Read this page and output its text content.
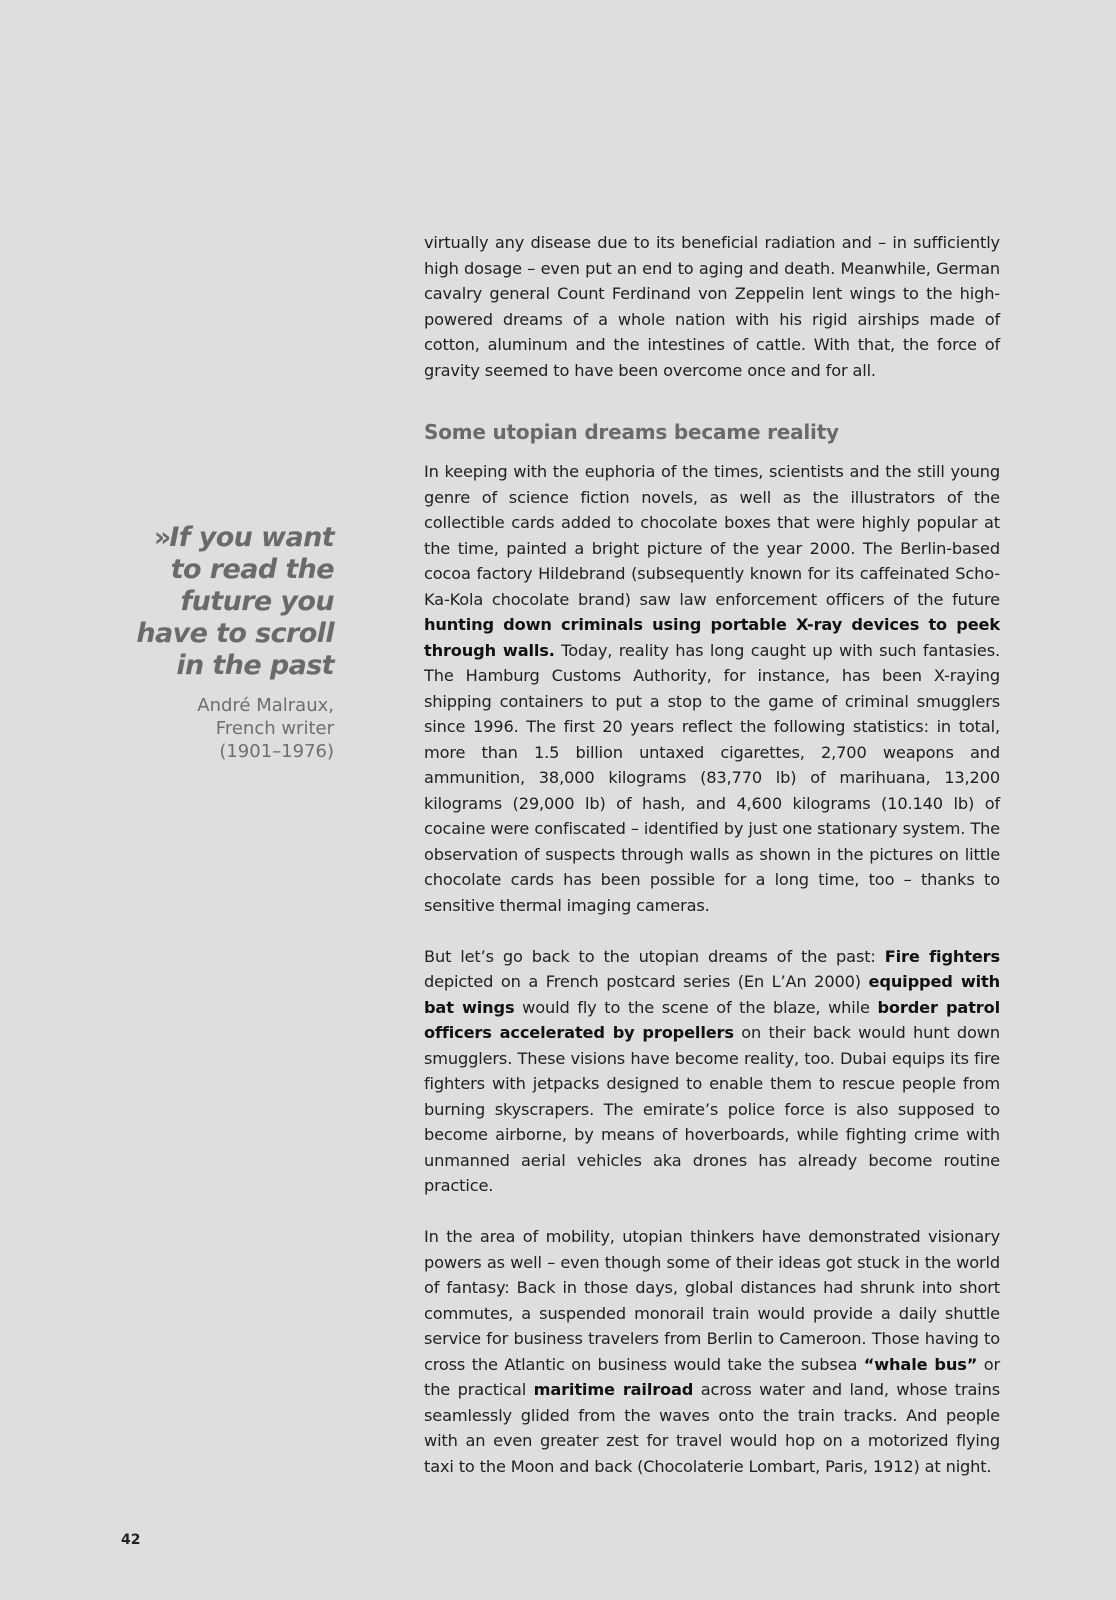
» If you want to read the future you have to scroll in the past

André Malraux,
French writer
(1901–1976)

virtually any disease due to its beneficial radiation and – in sufficiently high dosage – even put an end to aging and death. Meanwhile, German cavalry general Count Ferdinand von Zeppelin lent wings to the high-powered dreams of a whole nation with his rigid airships made of cotton, aluminum and the intestines of cattle. With that, the force of gravity seemed to have been overcome once and for all.

Some utopian dreams became reality

In keeping with the euphoria of the times, scientists and the still young genre of science fiction novels, as well as the illustrators of the collectible cards added to chocolate boxes that were highly popular at the time, painted a bright picture of the year 2000. The Berlin-based cocoa factory Hildebrand (subsequently known for its caffeinated Scho-Ka-Kola chocolate brand) saw law enforcement officers of the future hunting down criminals using portable X-ray devices to peek through walls. Today, reality has long caught up with such fantasies. The Hamburg Customs Authority, for instance, has been X-raying shipping containers to put a stop to the game of criminal smugglers since 1996. The first 20 years reflect the following statistics: in total, more than 1.5 billion untaxed cigarettes, 2,700 weapons and ammunition, 38,000 kilograms (83,770 lb) of marihuana, 13,200 kilograms (29,000 lb) of hash, and 4,600 kilograms (10.140 lb) of cocaine were confiscated – identified by just one stationary system. The observation of suspects through walls as shown in the pictures on little chocolate cards has been possible for a long time, too – thanks to sensitive thermal imaging cameras.

But let’s go back to the utopian dreams of the past: Fire fighters depicted on a French postcard series (En L’An 2000) equipped with bat wings would fly to the scene of the blaze, while border patrol officers accelerated by propellers on their back would hunt down smugglers. These visions have become reality, too. Dubai equips its fire fighters with jetpacks designed to enable them to rescue people from burning skyscrapers. The emirate’s police force is also supposed to become airborne, by means of hoverboards, while fighting crime with unmanned aerial vehicles aka drones has already become routine practice.

In the area of mobility, utopian thinkers have demonstrated visionary powers as well – even though some of their ideas got stuck in the world of fantasy: Back in those days, global distances had shrunk into short commutes, a suspended monorail train would provide a daily shuttle service for business travelers from Berlin to Cameroon. Those having to cross the Atlantic on business would take the subsea “whale bus” or the practical maritime railroad across water and land, whose trains seamlessly glided from the waves onto the train tracks. And people with an even greater zest for travel would hop on a motorized flying taxi to the Moon and back (Chocolaterie Lombart, Paris, 1912) at night.

42
